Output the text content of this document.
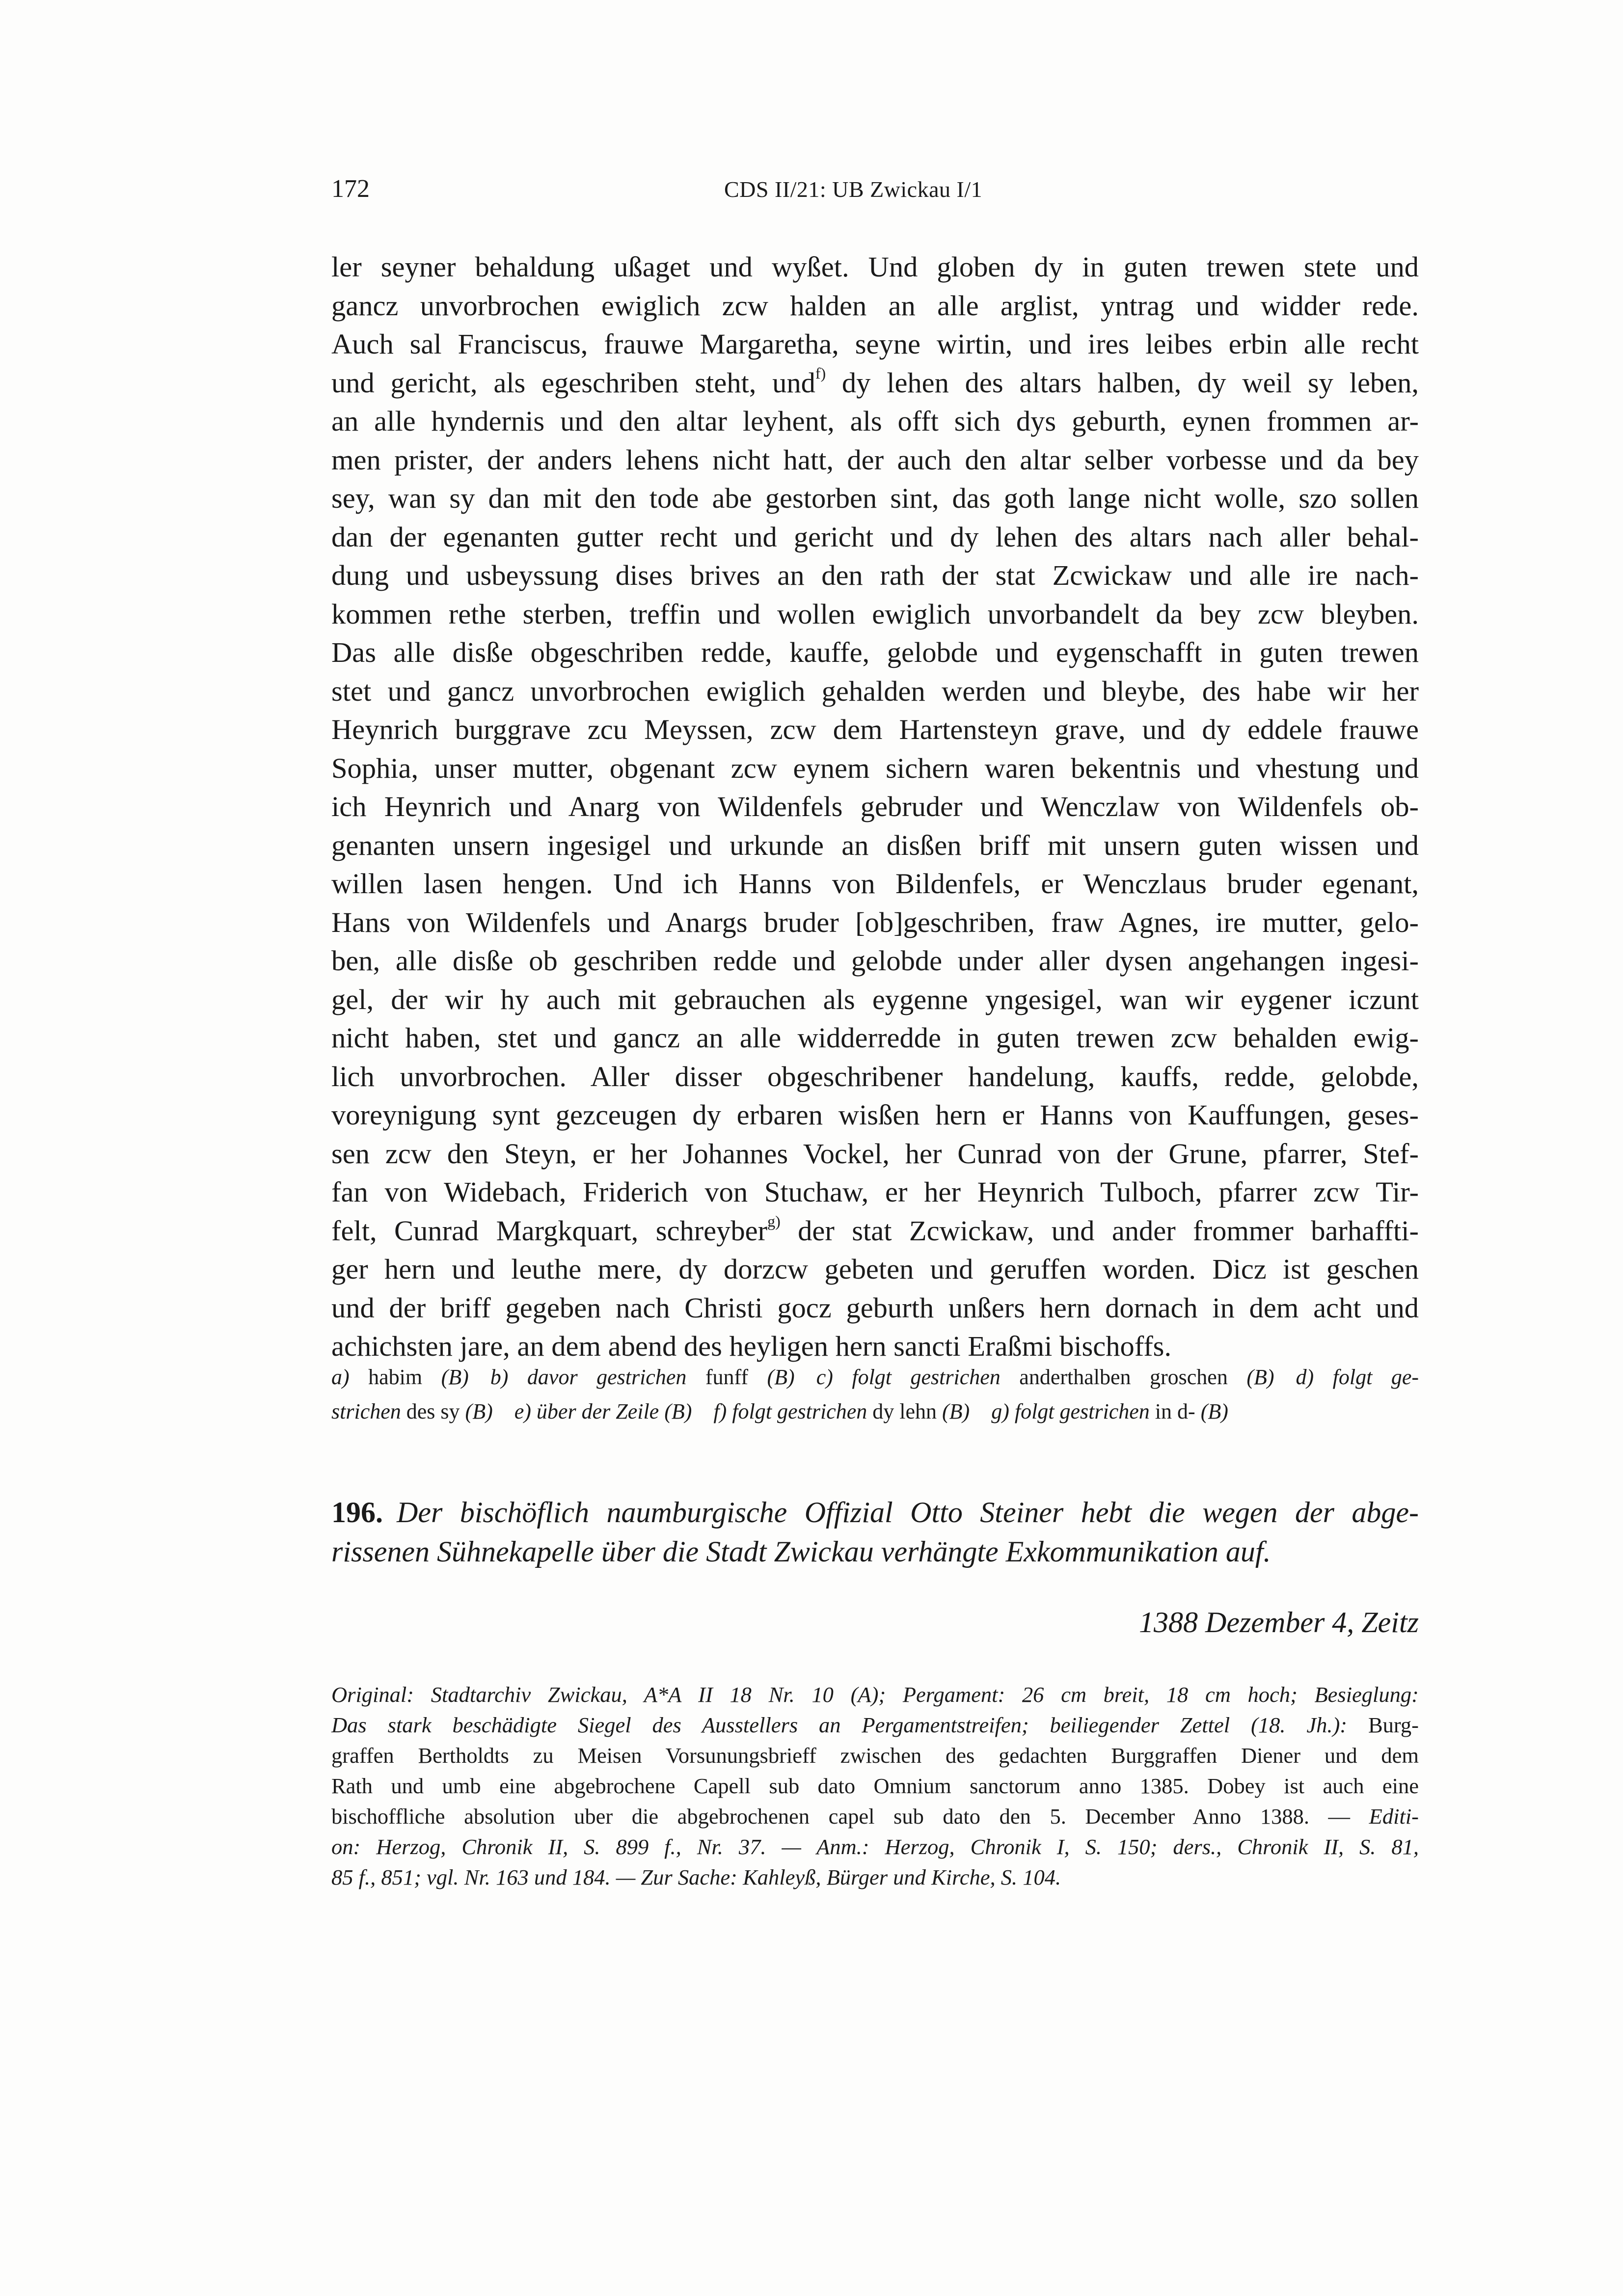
172	CDS II/21: UB Zwickau I/1
ler seyner behaldung ußaget und wyßet. Und globen dy in guten trewen stete und
gancz unvorbrochen ewiglich zcw halden an alle arglist, yntrag und widder rede.
Auch sal Franciscus, frauwe Margaretha, seyne wirtin, und ires leibes erbin alle recht
und gericht, als egeschriben steht, und$^{f)}$ dy lehen des altars halben, dy weil sy leben,
an alle hyndernis und den altar leyhent, als offt sich dys geburth, eynen frommen ar-
men prister, der anders lehens nicht hatt, der auch den altar selber vorbesse und da bey
sey, wan sy dan mit den tode abe gestorben sint, das goth lange nicht wolle, szo sollen
dan der egenanten gutter recht und gericht und dy lehen des altars nach aller behal-
dung und usbeyssung dises brives an den rath der stat Zcwickaw und alle ire nach-
kommen rethe sterben, treffin und wollen ewiglich unvorbandelt da bey zcw bleyben.
Das alle disße obgeschriben redde, kauffe, gelobde und eygenschafft in guten trewen
stet und gancz unvorbrochen ewiglich gehalden werden und bleybe, des habe wir her
Heynrich burggrave zcu Meyssen, zcw dem Hartensteyn grave, und dy eddele frauwe
Sophia, unser mutter, obgenant zcw eynem sichern waren bekentnis und vhestung und
ich Heynrich und Anarg von Wildenfels gebruder und Wenczlaw von Wildenfels ob-
genanten unsern ingesigel und urkunde an disßen briff mit unsern guten wissen und
willen lasen hengen. Und ich Hanns von Bildenfels, er Wenczlaus bruder egenant,
Hans von Wildenfels und Anargs bruder [ob]geschriben, fraw Agnes, ire mutter, gelo-
ben, alle disße ob geschriben redde und gelobde under aller dysen angehangen ingesi-
gel, der wir hy auch mit gebrauchen als eygenne yngesigel, wan wir eygener iczunt
nicht haben, stet und gancz an alle widderredde in guten trewen zcw behalden ewig-
lich unvorbrochen. Aller disser obgeschribener handelung, kauffs, redde, gelobde,
voreynigung synt gezceugen dy erbaren wisßen hern er Hanns von Kauffungen, geses-
sen zcw den Steyn, er her Johannes Vockel, her Cunrad von der Grune, pfarrer, Stef-
fan von Widebach, Friderich von Stuchaw, er her Heynrich Tulboch, pfarrer zcw Tir-
felt, Cunrad Margkquart, schreyber$^{g)}$ der stat Zcwickaw, und ander frommer barhaffti-
ger hern und leuthe mere, dy dorzcw gebeten und geruffen worden. Dicz ist geschen
und der briff gegeben nach Christi gocz geburth unßers hern dornach in dem acht und
achichsten jare, an dem abend des heyligen hern sancti Eraßmi bischoffs.
a) habim (B)  b) davor gestrichen funff (B)  c) folgt gestrichen anderthalben groschen (B)  d) folgt ge-
strichen des sy (B)  e) über der Zeile (B)  f) folgt gestrichen dy lehn (B)  g) folgt gestrichen in d- (B)
196. Der bischöflich naumburgische Offizial Otto Steiner hebt die wegen der abge-
rissenen Sühnekapelle über die Stadt Zwickau verhängte Exkommunikation auf.
1388 Dezember 4, Zeitz
Original: Stadtarchiv Zwickau, A*A II 18 Nr. 10 (A); Pergament: 26 cm breit, 18 cm hoch; Besieglung:
Das stark beschädigte Siegel des Ausstellers an Pergamentstreifen; beiliegender Zettel (18. Jh.): Burg-
graffen Bertholdts zu Meisen Vorsunungsbrieff zwischen des gedachten Burggraffen Diener und dem
Rath und umb eine abgebrochene Capell sub dato Omnium sanctorum anno 1385. Dobey ist auch eine
bischoffliche absolution uber die abgebrochenen capel sub dato den 5. December Anno 1388. — Editi-
on: Herzog, Chronik II, S. 899 f., Nr. 37. — Anm.: Herzog, Chronik I, S. 150; ders., Chronik II, S. 81,
85 f., 851; vgl. Nr. 163 und 184. — Zur Sache: Kahleyß, Bürger und Kirche, S. 104.
